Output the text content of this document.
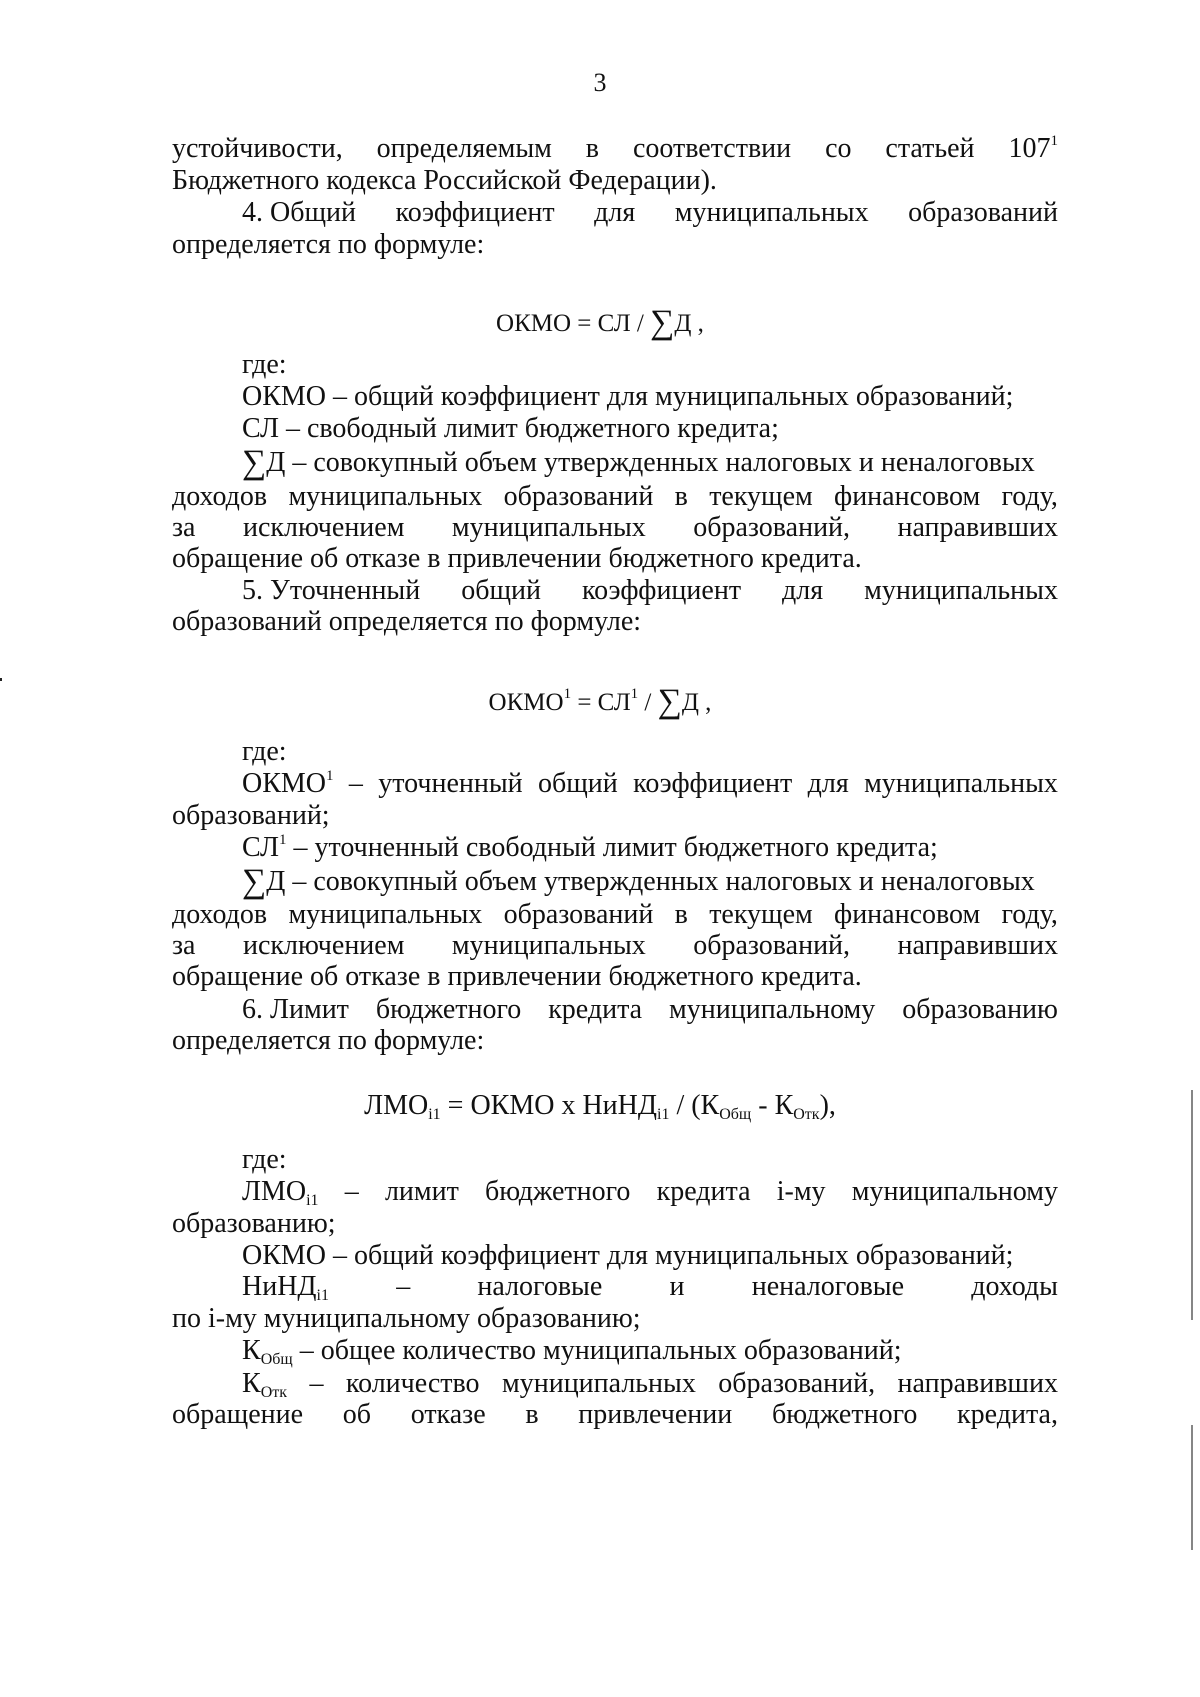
3
устойчивости, определяемым в соответствии со статьей $107^1$
Бюджетного кодекса Российской Федерации).
4. Общий коэффициент для муниципальных образований
определяется по формуле:
ОКМО = СЛ / ∑Д ,
где:
ОКМО – общий коэффициент для муниципальных образований;
СЛ – свободный лимит бюджетного кредита;
∑Д – совокупный объем утвержденных налоговых и неналоговых
доходов муниципальных образований в текущем финансовом году,
за исключением муниципальных образований, направивших
обращение об отказе в привлечении бюджетного кредита.
5. Уточненный общий коэффициент для муниципальных
образований определяется по формуле:
$ОКМО^1 = СЛ^1 / \sum Д$ ,
где:
ОКМО$^1$ – уточненный общий коэффициент для муниципальных
образований;
$СЛ^1$ – уточненный свободный лимит бюджетного кредита;
∑Д – совокупный объем утвержденных налоговых и неналоговых
доходов муниципальных образований в текущем финансовом году,
за исключением муниципальных образований, направивших
обращение об отказе в привлечении бюджетного кредита.
6. Лимит бюджетного кредита муниципальному образованию
определяется по формуле:
$ЛМО_{i1}$ = ОКМО х НиНД$_{i1}$ / $(К_{Общ} - К_{Отк})$,
где:
$ЛМО_{i1}$ – лимит бюджетного кредита i-му муниципальному
образованию;
ОКМО – общий коэффициент для муниципальных образований;
НиНД$_{i1}$ – налоговые и неналоговые доходы
по i-му муниципальному образованию;
$К_{Общ}$ – общее количество муниципальных образований;
$К_{Отк}$ – количество муниципальных образований, направивших
обращение об отказе в привлечении бюджетного кредита,
